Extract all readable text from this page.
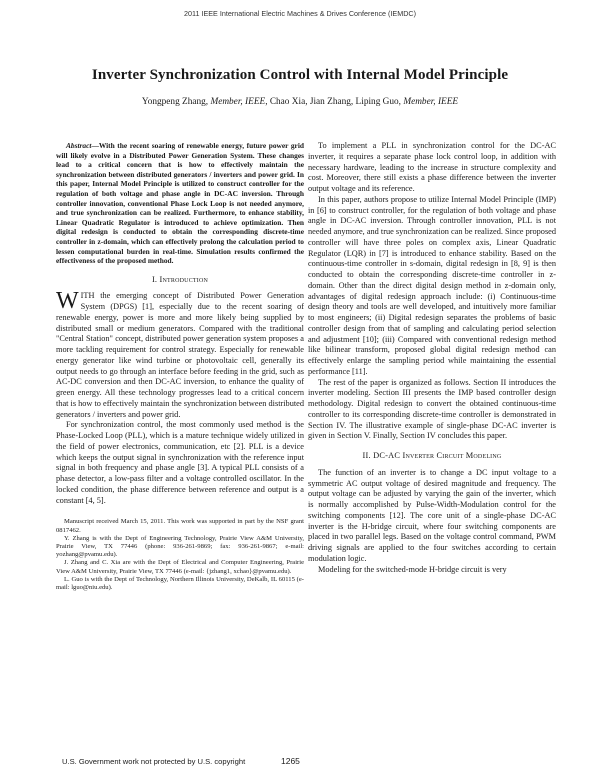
2011 IEEE International Electric Machines & Drives Conference (IEMDC)
Inverter Synchronization Control with Internal Model Principle
Yongpeng Zhang, Member, IEEE, Chao Xia, Jian Zhang, Liping Guo, Member, IEEE

Abstract—With the recent soaring of renewable energy, future power grid will likely evolve in a Distributed Power Generation System. These changes lead to a critical concern that is how to effectively maintain the synchronization between distributed generators / inverters and power grid. In this paper, Internal Model Principle is utilized to construct controller for the regulation of both voltage and phase angle in DC-AC inversion. Through controller innovation, conventional Phase Lock Loop is not needed anymore, and true synchronization can be realized. Furthermore, to enhance stability, Linear Quadratic Regulator is introduced to achieve optimization. Then digital redesign is conducted to obtain the corresponding discrete-time controller in z-domain, which can effectively prolong the calculation period to lessen computational burden in real-time. Simulation results confirmed the effectiveness of the proposed method.

I. Introduction

WITH the emerging concept of Distributed Power Generation System (DPGS) [1], especially due to the recent soaring of renewable energy, power is more and more likely being supplied by distributed small or medium generators. Compared with the traditional "Central Station" concept, distributed power generation system proposes a more tackling requirement for control strategy. Especially for renewable energy generator like wind turbine or photovoltaic cell, generally its output needs to go through an interface before feeding in the grid, such as AC-DC conversion and then DC-AC inversion, to enhance the quality of green energy. All these technology progresses lead to a critical concern that is how to effectively maintain the synchronization between distributed generators / inverters and power grid.

For synchronization control, the most commonly used method is the Phase-Locked Loop (PLL), which is a mature technique widely utilized in the field of power electronics, communication, etc [2]. PLL is a device which keeps the output signal in synchronization with the reference input signal in both frequency and phase angle [3]. A typical PLL consists of a phase detector, a low-pass filter and a voltage controlled oscillator. In the locked condition, the phase difference between reference and output is a constant [4, 5].

Manuscript received March 15, 2011. This work was supported in part by the NSF grant 0817462.

Y. Zhang is with the Dept of Engineering Technology, Prairie View A&M University, Prairie View, TX 77446 (phone: 936-261-9869; fax: 936-261-9867; e-mail: yozhang@pvamu.edu).

J. Zhang and C. Xia are with the Dept of Electrical and Computer Engineering, Prairie View A&M University, Prairie View, TX 77446 (e-mail: {jzhang1, xchao}@pvamu.edu).

L. Guo is with the Dept of Technology, Northern Illinois University, DeKalb, IL 60115 (e-mail: lguo@niu.edu).

To implement a PLL in synchronization control for the DC-AC inverter, it requires a separate phase lock control loop, in addition with necessary hardware, leading to the increase in structure complexity and cost. Moreover, there still exists a phase difference between the inverter output voltage and its reference.

In this paper, authors propose to utilize Internal Model Principle (IMP) in [6] to construct controller, for the regulation of both voltage and phase angle in DC-AC inversion. Through controller innovation, PLL is not needed anymore, and true synchronization can be realized. Since proposed controller will have three poles on complex axis, Linear Quadratic Regulator (LQR) in [7] is introduced to enhance stability. Based on the continuous-time controller in s-domain, digital redesign in [8, 9] is then conducted to obtain the corresponding discrete-time controller in z-domain. Other than the direct digital design method in z-domain only, advantages of digital redesign approach include: (i) Continuous-time design theory and tools are well developed, and intuitively more familiar to most engineers; (ii) Digital redesign separates the problems of basic controller design from that of sampling and calculating period selection and adjustment [10]; (iii) Compared with conventional redesign method like bilinear transform, proposed global digital redesign method can effectively enlarge the sampling period while maintaining the essential performance [11].

The rest of the paper is organized as follows. Section II introduces the inverter modeling. Section III presents the IMP based controller design methodology. Digital redesign to convert the obtained continuous-time controller to its corresponding discrete-time controller is demonstrated in Section IV. The illustrative example of single-phase DC-AC inverter is given in Section V. Finally, Section IV concludes this paper.

II. DC-AC Inverter Circuit Modeling

The function of an inverter is to change a DC input voltage to a symmetric AC output voltage of desired magnitude and frequency. The output voltage can be adjusted by varying the gain of the inverter, which is normally accomplished by Pulse-Width-Modulation control for the switching components [12]. The core unit of a single-phase DC-AC inverter is the H-bridge circuit, where four switching components are placed in two parallel legs. Based on the voltage control command, PWM driving signals are applied to the four switches according to certain modulation logic.

Modeling for the switched-mode H-bridge circuit is very

U.S. Government work not protected by U.S. copyright	1265
